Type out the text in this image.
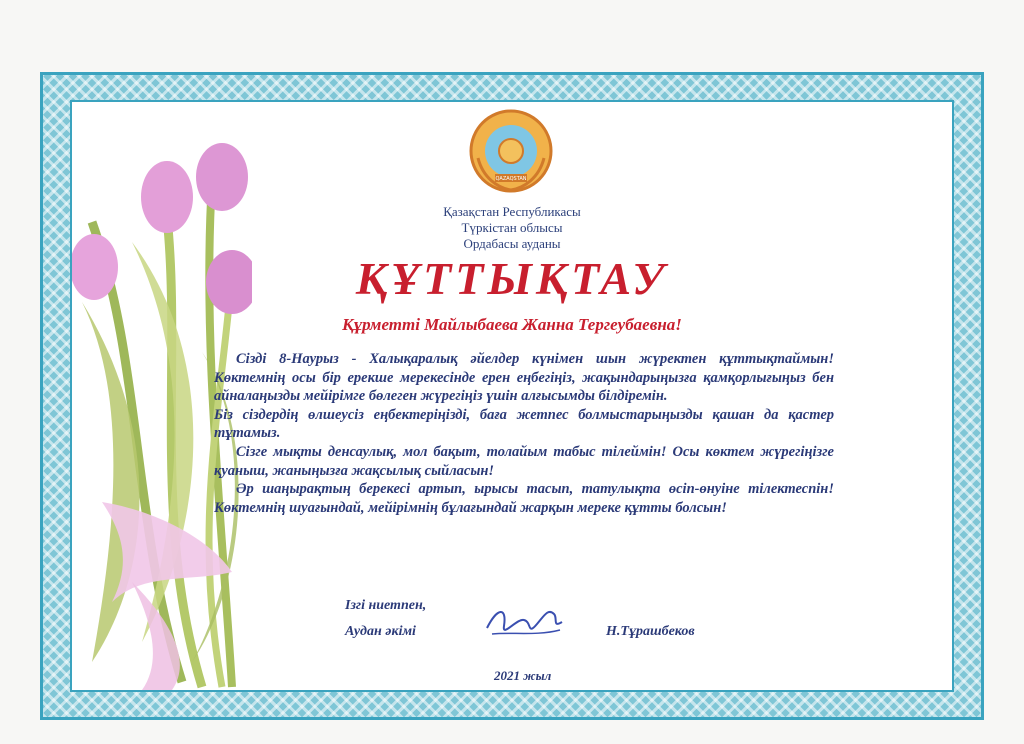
QAZAQSTAN
Қазақстан Республикасы
Түркістан облысы
Ордабасы ауданы
ҚҰТТЫҚТАУ
Құрметті Майлыбаева Жанна Тергеубаевна!

Сізді 8-Наурыз - Халықаралық әйелдер күнімен шын жүректен құттықтаймын! Көктемнің осы бір ерекше мерекесінде ерен еңбегіңіз, жақындарыңызға қамқорлығыңыз бен айналаңызды мейірімге бөлеген жүрегіңіз үшін алғысымды білдіремін.

Біз сіздердің өлшеусіз еңбектеріңізді, баға жетпес болмыстарыңызды қашан да қастер тұтамыз.

Сізге мықты денсаулық, мол бақыт, толайым табыс тілеймін! Осы көктем жүрегіңізге қуаныш, жаныңызға жақсылық сыйласын!

Әр шаңырақтың берекесі артып, ырысы тасып, татулықта өсіп-өнуіне тілектеспін! Көктемнің шуағындай, мейірімнің бұлағындай жарқын мереке құтты болсын!

Ізгі ниетпен,
Аудан әкімі	Н.Тұрашбеков
2021 жыл
